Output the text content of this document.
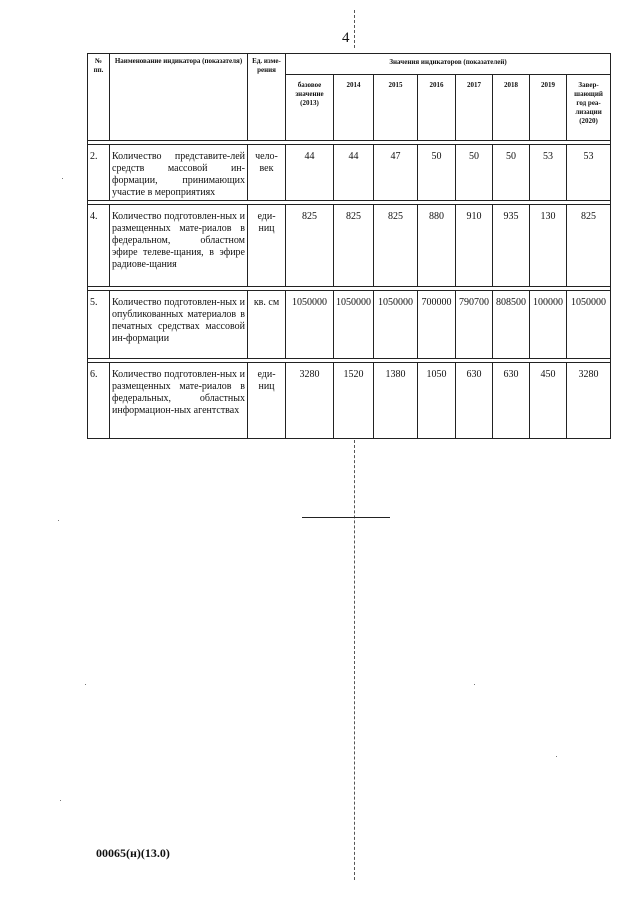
4
№ пп.	Наименование индикатора (показателя)	Ед. изме-рения	Значения индикаторов (показателей)							
			базовое значение (2013)	2014	2015	2016	2017	2018	2019	Завер-шающий год реа-лизации (2020)

2.	Количество представите-лей средств массовой ин-формации, принимающих участие в мероприятиях	чело-век	44	44	47	50	50	50	53	53

4.	Количество подготовлен-ных и размещенных мате-риалов в федеральном, областном эфире телеве-щания, в эфире радиове-щания	еди-ниц	825	825	825	880	910	935	130	825

5.	Количество подготовлен-ных и опубликованных материалов в печатных средствах массовой ин-формации	кв. см	1050000	1050000	1050000	700000	790700	808500	100000	1050000

6.	Количество подготовлен-ных и размещенных мате-риалов в федеральных, областных информацион-ных агентствах	еди-ниц	3280	1520	1380	1050	630	630	450	3280
00065(н)(13.0)
